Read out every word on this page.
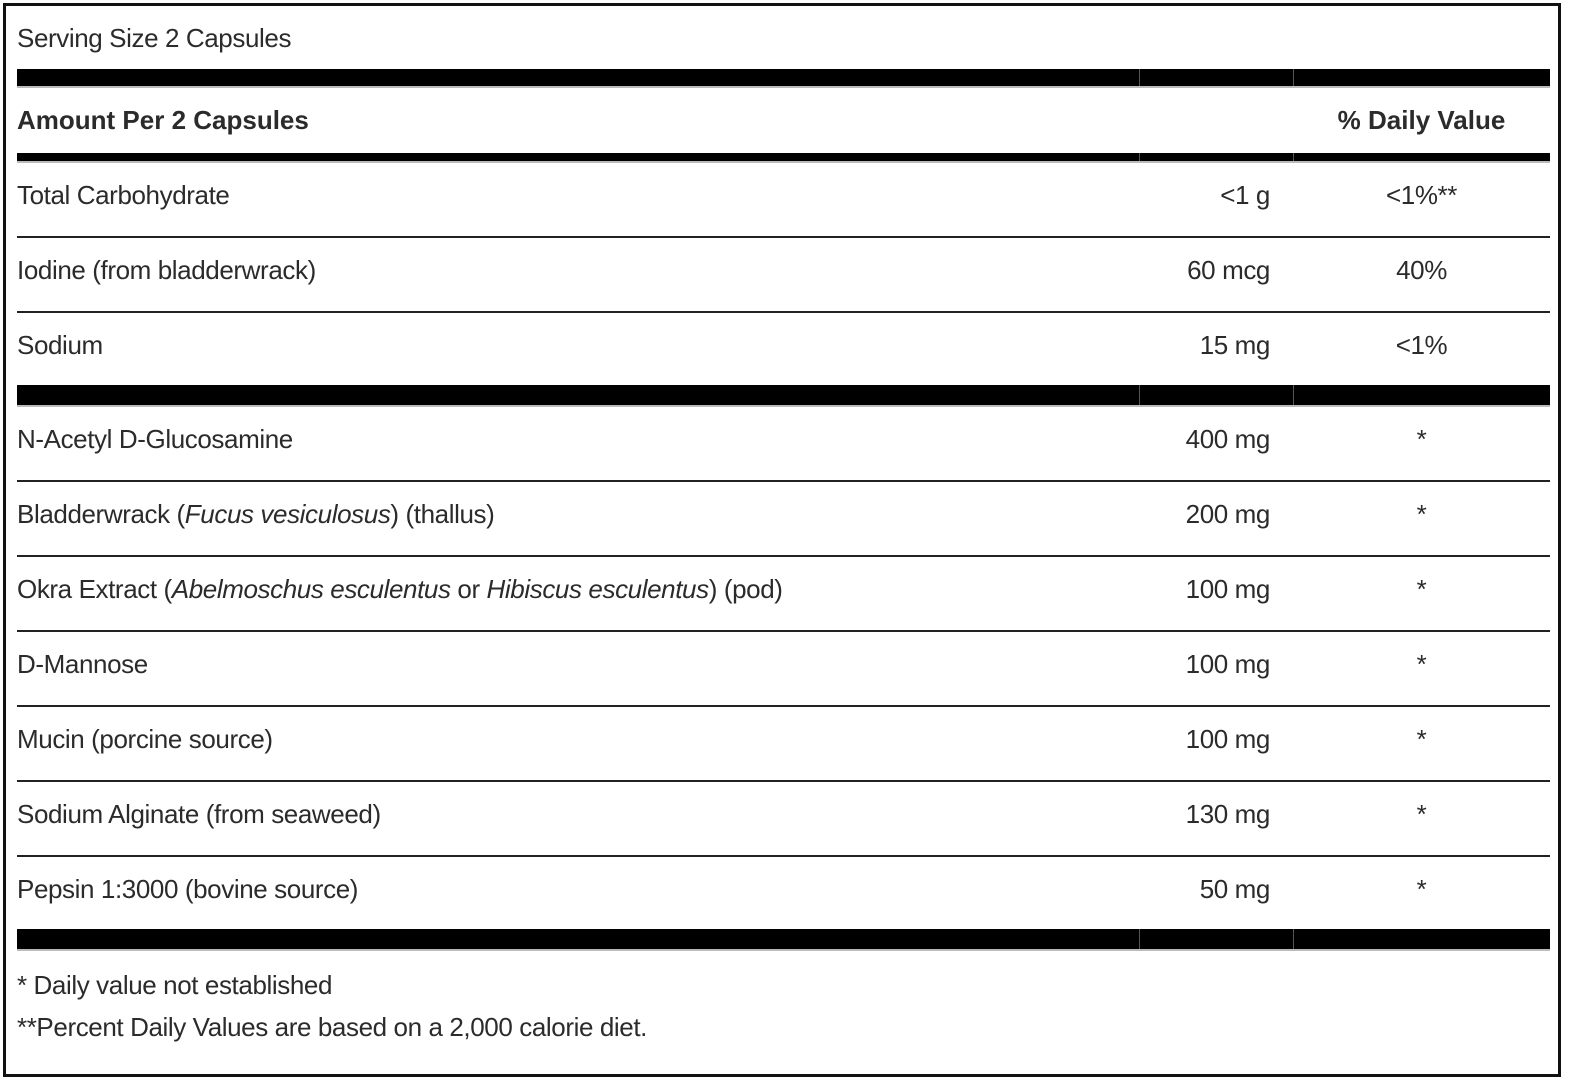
Serving Size 2 Capsules
Amount Per 2 Capsules	% Daily Value
Total Carbohydrate	<1 g	<1%**
Iodine (from bladderwrack)	60 mcg	40%
Sodium	15 mg	<1%
N-Acetyl D-Glucosamine	400 mg	*
Bladderwrack (Fucus vesiculosus) (thallus)	200 mg	*
Okra Extract (Abelmoschus esculentus or Hibiscus esculentus) (pod)	100 mg	*
D-Mannose	100 mg	*
Mucin (porcine source)	100 mg	*
Sodium Alginate (from seaweed)	130 mg	*
Pepsin 1:3000 (bovine source)	50 mg	*
* Daily value not established
**Percent Daily Values are based on a 2,000 calorie diet.
